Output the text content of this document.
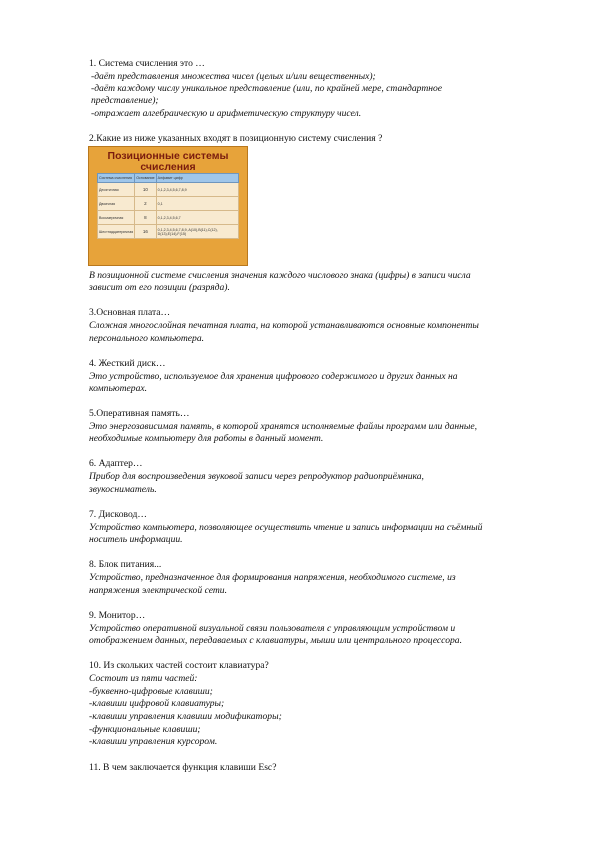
1. Система счисления это …
-даёт представления множества чисел (целых и/или вещественных);
-даёт каждому числу уникальное представление (или, по крайней мере, стандартное
представление);
-отражает алгебраическую и арифметическую структуру чисел.
2.Какие из ниже указанных входят в позиционную систему счисления ?
Позиционные системы
счисления
Система счисления	Основание	Алфавит цифр
Десятичная	10	0,1,2,3,4,5,6,7,8,9
Двоичная	2	0,1
Восьмеричная	8	0,1,2,3,4,5,6,7
Шестнадцатеричная	16	0,1,2,3,4,5,6,7,8,9, A(10),B(11),C(12), D(13),E(14),F(15)
В позиционной системе счисления значения каждого числового знака (цифры) в записи числа
зависит от его позиции (разряда).
3.Основная плата…
Сложная многослойная печатная плата, на которой устанавливаются основные компоненты
персонального компьютера.
4. Жесткий диск…
Это устройство, используемое для хранения цифрового содержимого и других данных на
компьютерах.
5.Оперативная память…
Это энергозависимая память, в которой хранятся исполняемые файлы программ или данные,
необходимые компьютеру для работы в данный момент.
6. Адаптер…
Прибор для воспроизведения звуковой записи через репродуктор радиоприёмника,
звукосниматель.
7. Дисковод…
Устройство компьютера, позволяющее осуществить чтение и запись информации на съёмный
носитель информации.
8. Блок питания...
Устройство, предназначенное для формирования напряжения, необходимого системе, из
напряжения электрической сети.
9. Монитор…
Устройство оперативной визуальной связи пользователя с управляющим устройством и
отображением данных, передаваемых с клавиатуры, мыши или центрального процессора.
10. Из скольких частей состоит клавиатура?
Состоит из пяти частей:
-буквенно-цифровые клавиши;
-клавиши цифровой клавиатуры;
-клавиши управления клавиши модификаторы;
-функциональные клавиши;
-клавиши управления курсором.
11. В чем заключается функция клавиши Esc?
